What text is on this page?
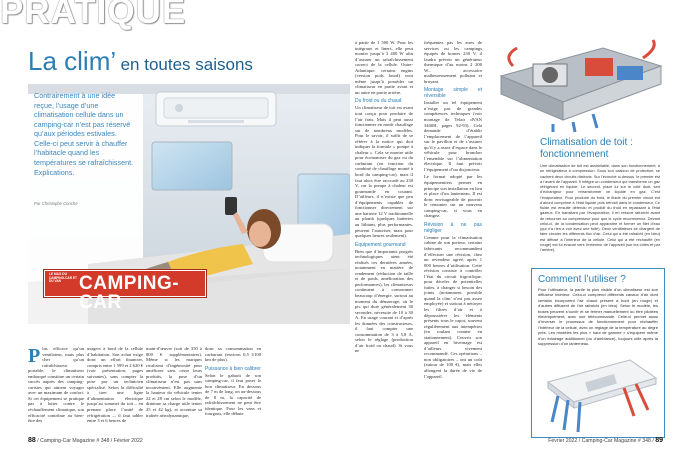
PRATIQUE
La clim’ en toutes saisons
Contrairement à une idée reçue, l’usage d’une climatisation cellule dans un camping-car n’est pas réservé qu’aux périodes estivales. Celle-ci peut servir à chauffer l’habitacle quand les températures se rafraîchissent. Explications.
Par Christophe Conche
LE MAG DU CAMPING-CAR ET DU VAN CAMPING-CAR
P lus efficace qu’un ventilateur, mais plus cher qu’un rafraîchisseur portable, le climatiseur embarqué constitue un certain succès auprès des camping-caristes qui aiment voyager avec un maximum de confort. Si cet équipement se pratique pas à lutter contre le réchauffement climatique, son efficacité contribue au bien-être des

usagers à bord de la cellule d’habitation. Son achat exige donc un effort financier, compris entre 1 599 et 2 620 € (voir présentation, pages suivantes), sans compter la pose par un technicien spécialisé. Selon la difficulté à tirer une ligne d’alimentation électrique jusqu’au sommet du toit – en prenant place l’unité de réfrigération –, il faut tabler entre 3 et 6 heures de

main-d’œuvre (soit de 350 à 800 € supplémentaires). Même si les marques rivalisent d’ingéniosité pour améliorer sans cesse leurs produits, la pose d’un climatiseur n’est pas sans inconvénient. Elle augmente la hauteur du véhicule tenter 22 et 28 cm selon le modèle, diminue sa charge utile tenter 25 et 42 kg), et accentue sa traînée aérodynamique,

donc sa consommation en carburant (environ 0,5 l/100 km de plus).

Puissance à bien calibrer

Selon le gabarit de son camping-car, il faut poser le bon climatiseur. En dessous de 7 m de long, on au-dessous de 8 m, la capacité de rafraîchissement ne peut être identique. Pour les vans et fourgons, elle débute

à partir de 1 500 W. Pour les intégraux et liners, elle peut monter jusqu’à 3 400 W afin d’assurer un rafraîchissement correct de la cellule. Outre-Atlantique, certains engins (version pods lourd) vont même jusqu’à posséder un climatiseur en partie avant et un autre en partie arrière.

Du froid ou du chaud

Un climatiseur de toit est avant tout conçu pour produire de l’air frais. Mais il peut aussi fonctionner en mode chauffage sur de nombreux modèles. Pour le savoir, il suffit de se référer à la notice qui doit indiquer la formule « pompe à chaleur ». Cela se montre utile pour économiser du gaz ou du carburant (en fonction du combiné de chauffage monté à bord du camping-car), mais il faut alors être raccordé au 230 V, car la pompe à chaleur est gourmande en courant. D’ailleurs, il n’existe que peu d’équipements capables de fonctionner directement sur une batterie 12 V traditionnelle au plomb (quelques batteries au lithium, plus performantes, peuvent l’autoriser, mais pour quelques heures seulement).

Équipement gourmand

Bien que d’importants progrès technologiques aient été réalisés ces dernières années, notamment en matière de rendement (réduction de taille et de poids, amélioration des performances), les climatiseurs continuent à consommer beaucoup d’énergie, surtout au moment du démarrage, où le pic qui dure généralement 30 secondes, nécessite de 10 à 30 A. En usage courant et d’après les données des constructeurs, il faut compter une consommation de 3 à 5,8 A, selon le réglage (production d’air froid ou chaud). Si vous ne

fréquentez pas les aires de services ou les campings équipés de bornes 230 V, il faudra prévoir un générateur thermique d’au moins 2 200 W... accessoire malheureusement polluant et bruyant.

Montage simple et réversible

Installer un tel équipement n’exige pas de grandes compétences techniques (voir montage de Telair dVAN 3400H, pages 92-93). Cela demande d’établir l’emplacement de l’appareil sur le pavillon et de s’assurer qu’il y a assez d’espace dans le véhicule pour brancher l’ensemble sur l’alimentation électrique. Il faut prévoir l’équipement d’un disjoncteur.

Le format adopté par les équipementiers permet en principe son installation en lieu et place d’un lanterneau. Il est donc envisageable de pouvoir le remonter sur un nouveau camping-car, si vous en changez.

Révision à ne pas négliger

Comme pour la climatisation cabine de son porteur, certains fabricants recommandent d’effectuer une révision, chez un revendeur agréé, après 1 000 heures d’utilisation. Cette révision consiste à contrôler l’état du circuit frigorifique, pour déceler de potentielles fuites, à changer si besoin des joints (notamment possible quand la clim’ n’est pas assez employée) et surtout à nettoyer les filtres d’air et à dépoussiérer les éléments présents sous le capot, souvent régulièrement aux intempéries (en roulant comme en stationnement). Couvrir son appareil en hivernage est d’ailleurs vivement recommandé. Ces opérations – non obligatoires – ont un coût (autour de 100 €), mais elles allongent la durée de vie de l’appareil.

Climatisation de toit : fonctionnement
Une climatisation de toit est assimilable, dans son fonctionnement, à un réfrigérateur à compression. Sous son caisson de protection, se cachent deux circuits distincts. Sur l’écorché ci-dessus, le premier est à l’avant de l’appareil. Il intègre un condenseur qui transforme un gaz réfrigérant en liquide. Le second, placé lui sur le côté droit, sert d’échangeur pour retransformer ce liquide en gaz. C’est l’évaporateur. Pour produire du froid, le fluide du premier circuit est d’abord comprimé à l’état liquide puis refroidi dans le condenseur. Ce fluide est ensuite détendu et produit du froid en repassant à l’état gazeux. En transitant par l’évaporateur, il en ressort rafraîchi avant de retourner au compresseur pour que le cycle recommence. Devant celui-ci, de la condensation peut apparaître et former un filet d’eau (qui n’a rien à voir avec une fuite). Deux ventilateurs se chargent de faire circuler les différents flux d’air. Celui qui a été rafraîchi (en bleu) est diffusé à l’intérieur de la cellule. Celui qui a été réchauffé (en rouge) est lui évacué vers l’extérieur de l’appareil (sur les côtés et par l’arrière).
Comment l’utiliser ?
Pour l’utilisateur, la partie la plus visible d’un climatiseur est son diffuseur intérieur. Celui-ci comprend différents canaux d’air dont certains incorporent l’air chaud présent à bord (en rouge) et d’autres diffusent de l’air rafraîchi (en bleu). Selon le modèle, les buses peuvent s’ouvrir et se fermer manuellement ou être pilotées électriquement, avec une télécommande. Celle-ci permet aussi d’inverser le processus de fonctionnement pour réchauffer l’intérieur de la cellule, avec un réglage de la température au degré près. Les modèles les plus « haut de gamme » s’équipent même d’un éclairage additionnel (ou d’ambiance), toujours utile après la suppression d’un lanterneau.
88 / Camping-Car Magazine # 348 / Février 2022	Février 2022 / Camping-Car Magazine # 348 / 89
